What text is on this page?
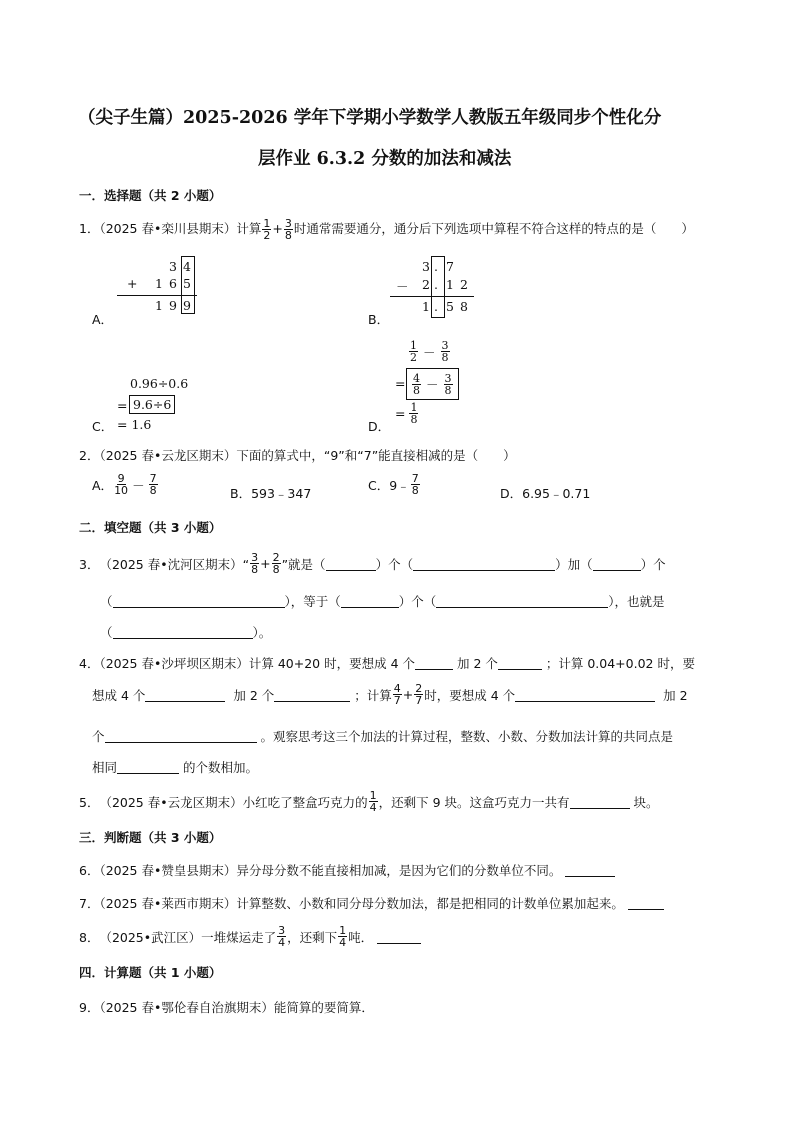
（尖子生篇）2025-2026 学年下学期小学数学人教版五年级同步个性化分
层作业 6.3.2 分数的加法和减法
一．选择题（共 2 小题）
1．（2025 春•栾川县期末）计算 $\frac{1}{2} + \frac{3}{8}$ 时通常需要通分，通分后下列选项中算程不符合这样的特点的是（　　）
A．
3 4
+ 1 6 5
1 9 9
B．
3 . 7
－ 2 . 1 2
1 . 5 8
C．
0.96÷0.6
= 9.6÷6
= 1.6	D．
$\frac{1}{2} - \frac{3}{8}$
= $\frac{4}{8} - \frac{3}{8}$
= $\frac{1}{8}$
2．（2025 春•云龙区期末）下面的算式中，“9”和“7”能直接相减的是（　　）
A． $\frac{9}{10} - \frac{7}{8}$	B．593﹣347
C．9﹣ $\frac{7}{8}$	D．6.95﹣0.71
二．填空题（共 3 小题）
3． （2025 春•沈河区期末）“ $\frac{3}{8} + \frac{2}{8}$ ”就是（	）个（	）加（	）个
（	），等于（	）个（	），也就是
（	）。
4．（2025 春•沙坪坝区期末）计算 40+20 时，要想成 4 个	加 2 个	；计算 0.04+0.02 时，要
想成 4 个
	加 2 个
	；计算 $\frac{4}{7} + \frac{2}{7}$ 时，要想成 4 个
	加 2
个	。观察思考这三个加法的计算过程，整数、小数、分数加法计算的共同点是
相同	的个数相加。
5． （2025 春•云龙区期末）小红吃了整盒巧克力的 $\frac{1}{4}$ ，还剩下 9 块。这盒巧克力一共有
	块。
三．判断题（共 3 小题）
6．（2025 春•赞皇县期末）异分母分数不能直接相加减，是因为它们的分数单位不同。
7．（2025 春•莱西市期末）计算整数、小数和同分母分数加法，都是把相同的计数单位累加起来。
8． （2025•武江区）一堆煤运走了 $\frac{3}{4}$ ，还剩下 $\frac{1}{4}$ 吨．

四．计算题（共 1 小题）
9．（2025 春•鄂伦春自治旗期末）能简算的要简算．
